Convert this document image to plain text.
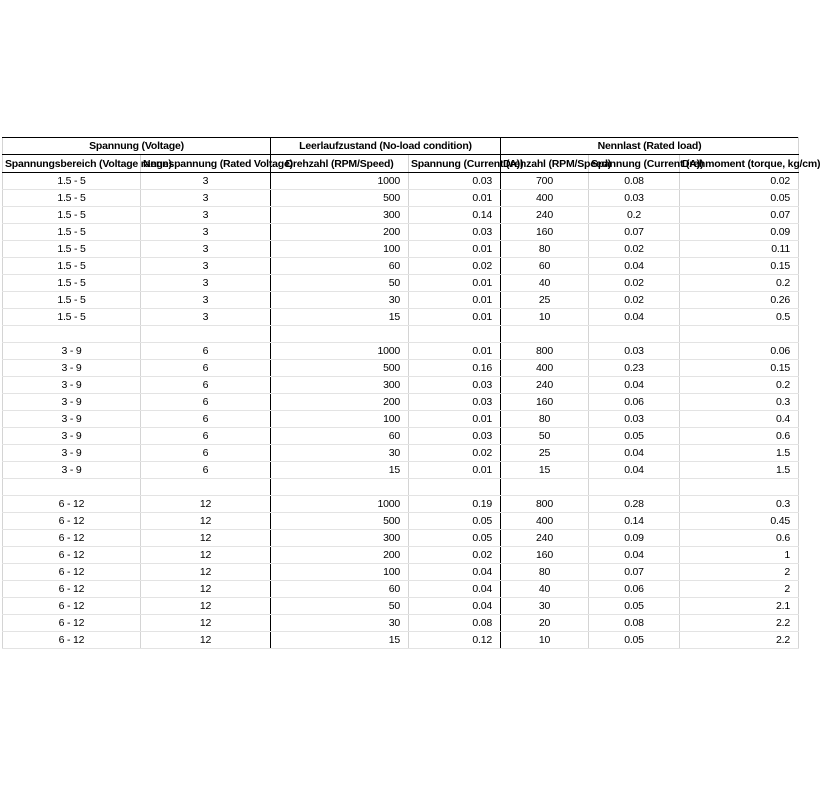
Spannung (Voltage)		Leerlaufzustand (No-load condition)		Nennlast (Rated load)		
Spannungsbereich (Voltage range)	Nennspannung (Rated Voltage)	Drehzahl (RPM/Speed)	Spannung (Current (A))	Drehzahl (RPM/Speed)	Spannung (Current (A))	Drehmoment (torque, kg/cm)
1.5 - 5	3	1000	0.03	700	0.08	0.02
1.5 - 5	3	500	0.01	400	0.03	0.05
1.5 - 5	3	300	0.14	240	0.2	0.07
1.5 - 5	3	200	0.03	160	0.07	0.09
1.5 - 5	3	100	0.01	80	0.02	0.11
1.5 - 5	3	60	0.02	60	0.04	0.15
1.5 - 5	3	50	0.01	40	0.02	0.2
1.5 - 5	3	30	0.01	25	0.02	0.26
1.5 - 5	3	15	0.01	10	0.04	0.5

3 - 9	6	1000	0.01	800	0.03	0.06
3 - 9	6	500	0.16	400	0.23	0.15
3 - 9	6	300	0.03	240	0.04	0.2
3 - 9	6	200	0.03	160	0.06	0.3
3 - 9	6	100	0.01	80	0.03	0.4
3 - 9	6	60	0.03	50	0.05	0.6
3 - 9	6	30	0.02	25	0.04	1.5
3 - 9	6	15	0.01	15	0.04	1.5

6 - 12	12	1000	0.19	800	0.28	0.3
6 - 12	12	500	0.05	400	0.14	0.45
6 - 12	12	300	0.05	240	0.09	0.6
6 - 12	12	200	0.02	160	0.04	1
6 - 12	12	100	0.04	80	0.07	2
6 - 12	12	60	0.04	40	0.06	2
6 - 12	12	50	0.04	30	0.05	2.1
6 - 12	12	30	0.08	20	0.08	2.2
6 - 12	12	15	0.12	10	0.05	2.2
